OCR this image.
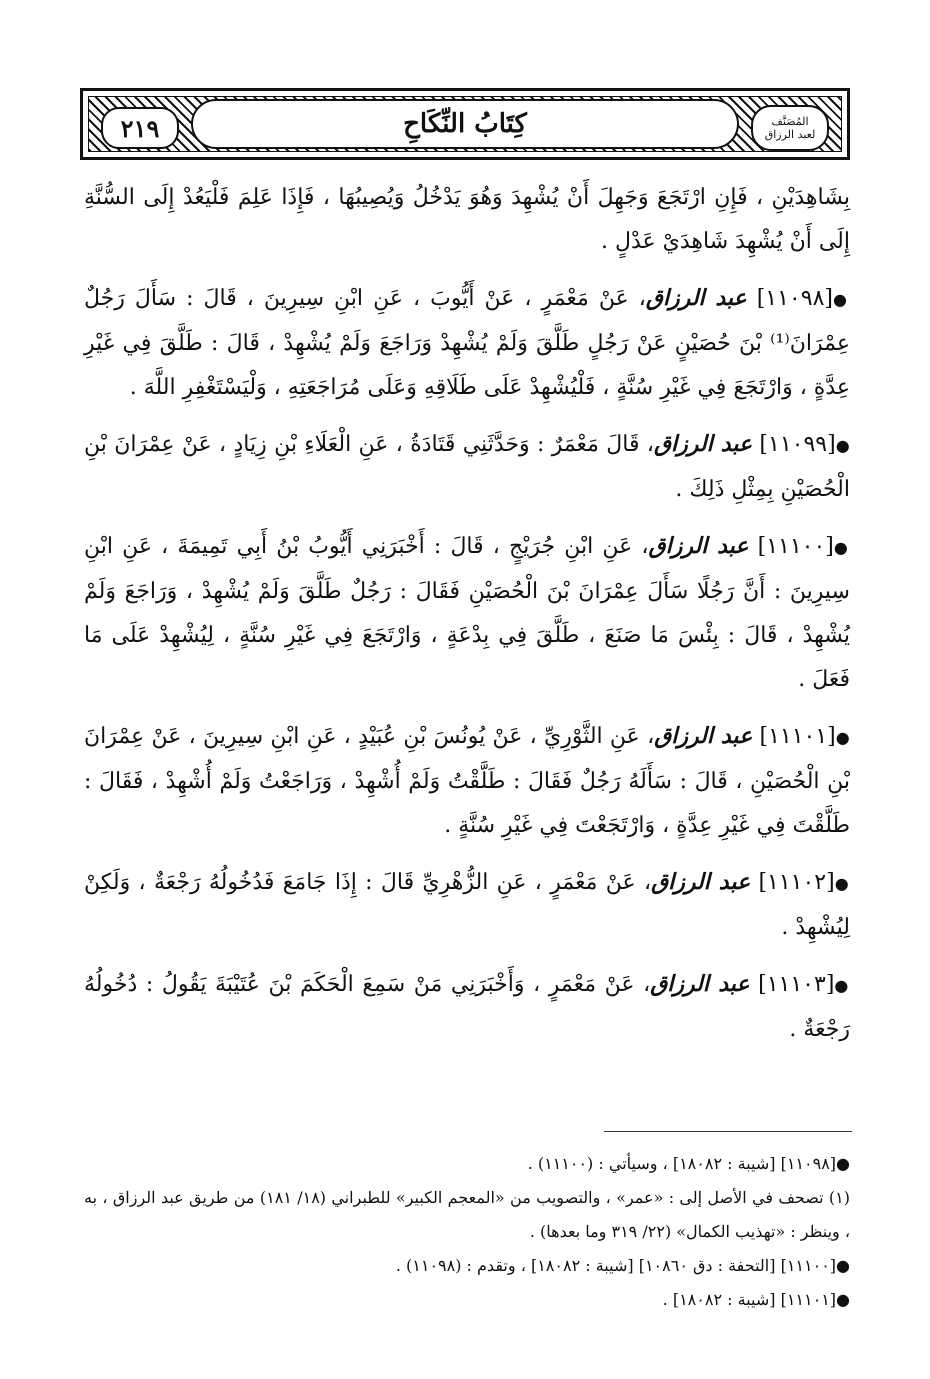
٢١٩	كِتَابُ النِّكَاحِ	المُصَنَّف
لعبد الرزاق

بِشَاهِدَيْنِ ، فَإِنِ ارْتَجَعَ وَجَهِلَ أَنْ يُشْهِدَ وَهُوَ يَدْخُلُ وَيُصِيبُهَا ، فَإِذَا عَلِمَ فَلْيَعُدْ إِلَى السُّنَّةِ إِلَى أَنْ يُشْهِدَ شَاهِدَيْ عَدْلٍ .

●[١١٠٩٨] عبد الرزاق، عَنْ مَعْمَرٍ ، عَنْ أَيُّوبَ ، عَنِ ابْنِ سِيرِينَ ، قَالَ : سَأَلَ رَجُلٌ عِمْرَانَ⁽¹⁾ بْنَ حُصَيْنٍ عَنْ رَجُلٍ طَلَّقَ وَلَمْ يُشْهِدْ وَرَاجَعَ وَلَمْ يُشْهِدْ ، قَالَ : طَلَّقَ فِي غَيْرِ عِدَّةٍ ، وَارْتَجَعَ فِي غَيْرِ سُنَّةٍ ، فَلْيُشْهِدْ عَلَى طَلَاقِهِ وَعَلَى مُرَاجَعَتِهِ ، وَلْيَسْتَغْفِرِ اللَّهَ .

●[١١٠٩٩] عبد الرزاق، قَالَ مَعْمَرٌ : وَحَدَّثَنِي قَتَادَةُ ، عَنِ الْعَلَاءِ بْنِ زِيَادٍ ، عَنْ عِمْرَانَ بْنِ الْحُصَيْنِ بِمِثْلِ ذَلِكَ .

●[١١١٠٠] عبد الرزاق، عَنِ ابْنِ جُرَيْجٍ ، قَالَ : أَخْبَرَنِي أَيُّوبُ بْنُ أَبِي تَمِيمَةَ ، عَنِ ابْنِ سِيرِينَ : أَنَّ رَجُلًا سَأَلَ عِمْرَانَ بْنَ الْحُصَيْنِ فَقَالَ : رَجُلٌ طَلَّقَ وَلَمْ يُشْهِدْ ، وَرَاجَعَ وَلَمْ يُشْهِدْ ، قَالَ : بِئْسَ مَا صَنَعَ ، طَلَّقَ فِي بِدْعَةٍ ، وَارْتَجَعَ فِي غَيْرِ سُنَّةٍ ، لِيُشْهِدْ عَلَى مَا فَعَلَ .

●[١١١٠١] عبد الرزاق، عَنِ الثَّوْرِيِّ ، عَنْ يُونُسَ بْنِ عُبَيْدٍ ، عَنِ ابْنِ سِيرِينَ ، عَنْ عِمْرَانَ بْنِ الْحُصَيْنِ ، قَالَ : سَأَلَهُ رَجُلٌ فَقَالَ : طَلَّقْتُ وَلَمْ أُشْهِدْ ، وَرَاجَعْتُ وَلَمْ أُشْهِدْ ، فَقَالَ : طَلَّقْتَ فِي غَيْرِ عِدَّةٍ ، وَارْتَجَعْتَ فِي غَيْرِ سُنَّةٍ .

●[١١١٠٢] عبد الرزاق، عَنْ مَعْمَرٍ ، عَنِ الزُّهْرِيِّ قَالَ : إِذَا جَامَعَ فَدُخُولُهُ رَجْعَةٌ ، وَلَكِنْ لِيُشْهِدْ .

●[١١١٠٣] عبد الرزاق، عَنْ مَعْمَرٍ ، وَأَخْبَرَنِي مَنْ سَمِعَ الْحَكَمَ بْنَ عُتَيْبَةَ يَقُولُ : دُخُولُهُ رَجْعَةٌ .

●[١١٠٩٨] [شيبة : ١٨٠٨٢] ، وسيأتي : (١١١٠٠) .

(١) تصحف في الأصل إلى : «عمر» ، والتصويب من «المعجم الكبير» للطبراني (١٨/ ١٨١) من طريق عبد الرزاق ، به ، وينظر : «تهذيب الكمال» (٢٢/ ٣١٩ وما بعدها) .

●[١١١٠٠] [التحفة : دق ١٠٨٦٠] [شيبة : ١٨٠٨٢] ، وتقدم : (١١٠٩٨) .

●[١١١٠١] [شيبة : ١٨٠٨٢] .
